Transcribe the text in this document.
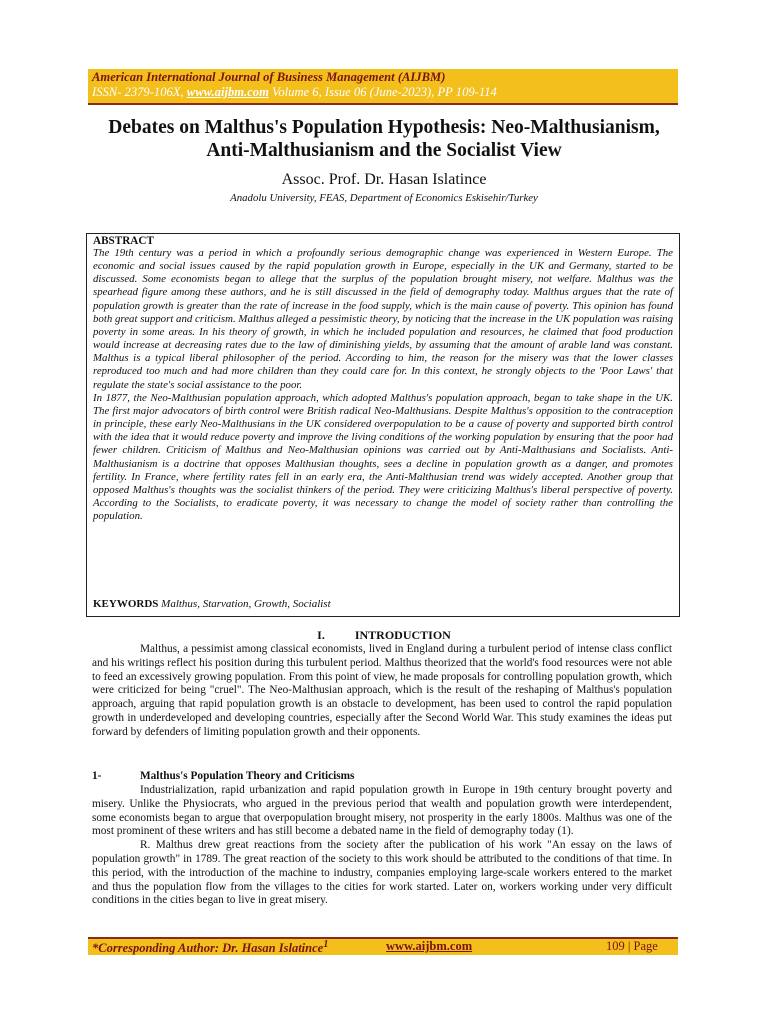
American International Journal of Business Management (AIJBM)
ISSN- 2379-106X, www.aijbm.com Volume 6, Issue 06 (June-2023), PP 109-114
Debates on Malthus's Population Hypothesis: Neo-Malthusianism, Anti-Malthusianism and the Socialist View
Assoc. Prof. Dr. Hasan Islatince
Anadolu University, FEAS, Department of Economics Eskisehir/Turkey
ABSTRACT

The 19th century was a period in which a profoundly serious demographic change was experienced in Western Europe. The economic and social issues caused by the rapid population growth in Europe, especially in the UK and Germany, started to be discussed. Some economists began to allege that the surplus of the population brought misery, not welfare. Malthus was the spearhead figure among these authors, and he is still discussed in the field of demography today. Malthus argues that the rate of population growth is greater than the rate of increase in the food supply, which is the main cause of poverty. This opinion has found both great support and criticism. Malthus alleged a pessimistic theory, by noticing that the increase in the UK population was raising poverty in some areas. In his theory of growth, in which he included population and resources, he claimed that food production would increase at decreasing rates due to the law of diminishing yields, by assuming that the amount of arable land was constant. Malthus is a typical liberal philosopher of the period. According to him, the reason for the misery was that the lower classes reproduced too much and had more children than they could care for. In this context, he strongly objects to the 'Poor Laws' that regulate the state's social assistance to the poor.

In 1877, the Neo-Malthusian population approach, which adopted Malthus's population approach, began to take shape in the UK. The first major advocators of birth control were British radical Neo-Malthusians. Despite Malthus's opposition to the contraception in principle, these early Neo-Malthusians in the UK considered overpopulation to be a cause of poverty and supported birth control with the idea that it would reduce poverty and improve the living conditions of the working population by ensuring that the poor had fewer children. Criticism of Malthus and Neo-Malthusian opinions was carried out by Anti-Malthusians and Socialists. Anti-Malthusianism is a doctrine that opposes Malthusian thoughts, sees a decline in population growth as a danger, and promotes fertility. In France, where fertility rates fell in an early era, the Anti-Malthusian trend was widely accepted. Another group that opposed Malthus's thoughts was the socialist thinkers of the period. They were criticizing Malthus's liberal perspective of poverty. According to the Socialists, to eradicate poverty, it was necessary to change the model of society rather than controlling the population.

KEYWORDS Malthus, Starvation, Growth, Socialist
I.          INTRODUCTION

Malthus, a pessimist among classical economists, lived in England during a turbulent period of intense class conflict and his writings reflect his position during this turbulent period. Malthus theorized that the world's food resources were not able to feed an excessively growing population. From this point of view, he made proposals for controlling population growth, which were criticized for being "cruel". The Neo-Malthusian approach, which is the result of the reshaping of Malthus's population approach, arguing that rapid population growth is an obstacle to development, has been used to control the rapid population growth in underdeveloped and developing countries, especially after the Second World War. This study examines the ideas put forward by defenders of limiting population growth and their opponents.

1-	Malthus's Population Theory and Criticisms

Industrialization, rapid urbanization and rapid population growth in Europe in 19th century brought poverty and misery. Unlike the Physiocrats, who argued in the previous period that wealth and population growth were interdependent, some economists began to argue that overpopulation brought misery, not prosperity in the early 1800s. Malthus was one of the most prominent of these writers and has still become a debated name in the field of demography today (1).

R. Malthus drew great reactions from the society after the publication of his work "An essay on the laws of population growth" in 1789. The great reaction of the society to this work should be attributed to the conditions of that time. In this period, with the introduction of the machine to industry, companies employing large-scale workers entered to the market and thus the population flow from the villages to the cities for work started. Later on, workers working under very difficult conditions in the cities began to live in great misery.

*Corresponding Author: Dr. Hasan Islatince$^1$	www.aijbm.com	109 | Page
